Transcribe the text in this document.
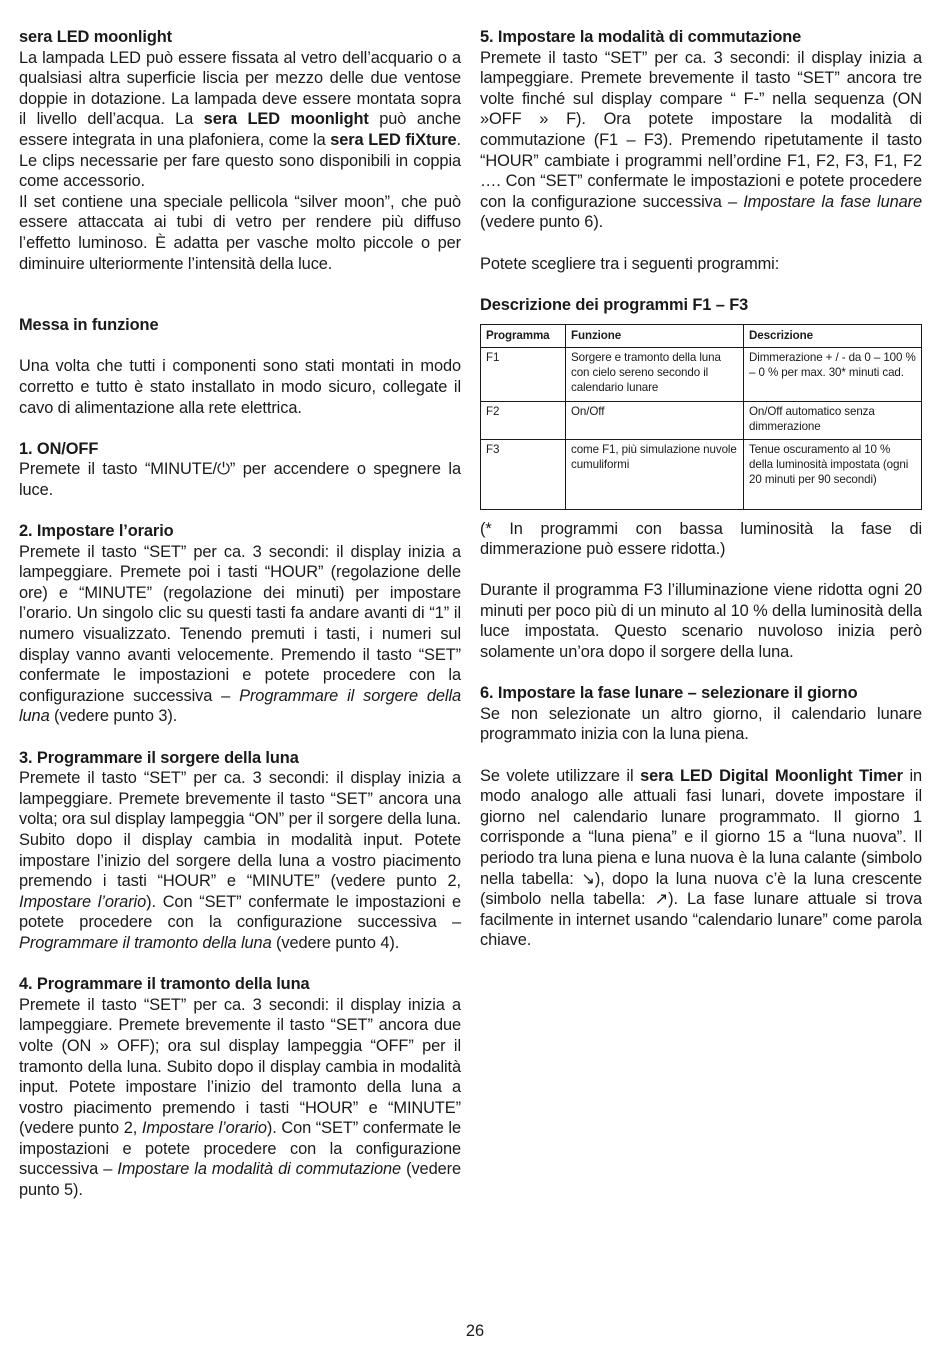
sera LED moonlight

La lampada LED può essere fissata al vetro dell’acquario o a qualsiasi altra superficie liscia per mezzo delle due ventose doppie in dotazione. La lampada deve essere montata sopra il livello dell’acqua. La sera LED moonlight può anche essere integrata in una plafoniera, come la sera LED fiXture. Le clips necessarie per fare questo sono disponibili in coppia come accessorio.

Il set contiene una speciale pellicola “silver moon”, che può essere attaccata ai tubi di vetro per rendere più diffuso l’effetto luminoso. È adatta per vasche molto piccole o per diminuire ulteriormente l’intensità della luce.

Messa in funzione

Una volta che tutti i componenti sono stati montati in modo corretto e tutto è stato installato in modo sicuro, collegate il cavo di alimentazione alla rete elettrica.

1. ON/OFF

Premete il tasto “MINUTE/⏻” per accendere o spegnere la luce.

2. Impostare l’orario

Premete il tasto “SET” per ca. 3 secondi: il display inizia a lampeggiare. Premete poi i tasti “HOUR” (regolazione delle ore) e “MINUTE” (regolazione dei minuti) per impostare l’orario. Un singolo clic su questi tasti fa andare avanti di “1” il numero visualizzato. Tenendo premuti i tasti, i numeri sul display vanno avanti velocemente. Premendo il tasto “SET” confermate le impostazioni e potete procedere con la configurazione successiva – Programmare il sorgere della luna (vedere punto 3).

3. Programmare il sorgere della luna

Premete il tasto “SET” per ca. 3 secondi: il display inizia a lampeggiare. Premete brevemente il tasto “SET” ancora una volta; ora sul display lampeggia “ON” per il sorgere della luna. Subito dopo il display cambia in modalità input. Potete impostare l’inizio del sorgere della luna a vostro piacimento premendo i tasti “HOUR” e “MINUTE” (vedere punto 2, Impostare l’orario). Con “SET” confermate le impostazioni e potete procedere con la configurazione successiva – Programmare il tramonto della luna (vedere punto 4).

4. Programmare il tramonto della luna

Premete il tasto “SET” per ca. 3 secondi: il display inizia a lampeggiare. Premete brevemente il tasto “SET” ancora due volte (ON » OFF); ora sul display lampeggia “OFF” per il tramonto della luna. Subito dopo il display cambia in modalità input. Potete impostare l’inizio del tramonto della luna a vostro piacimento premendo i tasti “HOUR” e “MINUTE” (vedere punto 2, Impostare l’orario). Con “SET” confermate le impostazioni e potete procedere con la configurazione successiva – Impostare la modalità di commutazione (vedere punto 5).

5. Impostare la modalità di commutazione

Premete il tasto “SET” per ca. 3 secondi: il display inizia a lampeggiare. Premete brevemente il tasto “SET” ancora tre volte finché sul display compare “ F-” nella sequenza (ON »OFF » F). Ora potete impostare la modalità di commutazione (F1 – F3). Premendo ripetutamente il tasto “HOUR” cambiate i programmi nell’ordine F1, F2, F3, F1, F2 …. Con “SET” confermate le impostazioni e potete procedere con la configurazione successiva – Impostare la fase lunare (vedere punto 6).

Potete scegliere tra i seguenti programmi:

Descrizione dei programmi F1 – F3

Programma	Funzione	Descrizione
F1	Sorgere e tramonto della luna con cielo sereno secondo il calendario lunare	Dimmerazione + / - da 0 – 100 % – 0 % per max. 30* minuti cad.
F2	On/Off	On/Off automatico senza dimmerazione
F3	come F1, più simulazione nuvole cumuliformi	Tenue oscuramento al 10 % della luminosità impostata (ogni 20 minuti per 90 secondi)

(* In programmi con bassa luminosità la fase di dimmerazione può essere ridotta.)

Durante il programma F3 l’illuminazione viene ridotta ogni 20 minuti per poco più di un minuto al 10 % della luminosità della luce impostata. Questo scenario nuvoloso inizia però solamente un’ora dopo il sorgere della luna.

6. Impostare la fase lunare – selezionare il giorno

Se non selezionate un altro giorno, il calendario lunare programmato inizia con la luna piena.

Se volete utilizzare il sera LED Digital Moonlight Timer in modo analogo alle attuali fasi lunari, dovete impostare il giorno nel calendario lunare programmato. Il giorno 1 corrisponde a “luna piena” e il giorno 15 a “luna nuova”. Il periodo tra luna piena e luna nuova è la luna calante (simbolo nella tabella: ↘), dopo la luna nuova c’è la luna crescente (simbolo nella tabella: ↗). La fase lunare attuale si trova facilmente in internet usando “calendario lunare” come parola chiave.

26
